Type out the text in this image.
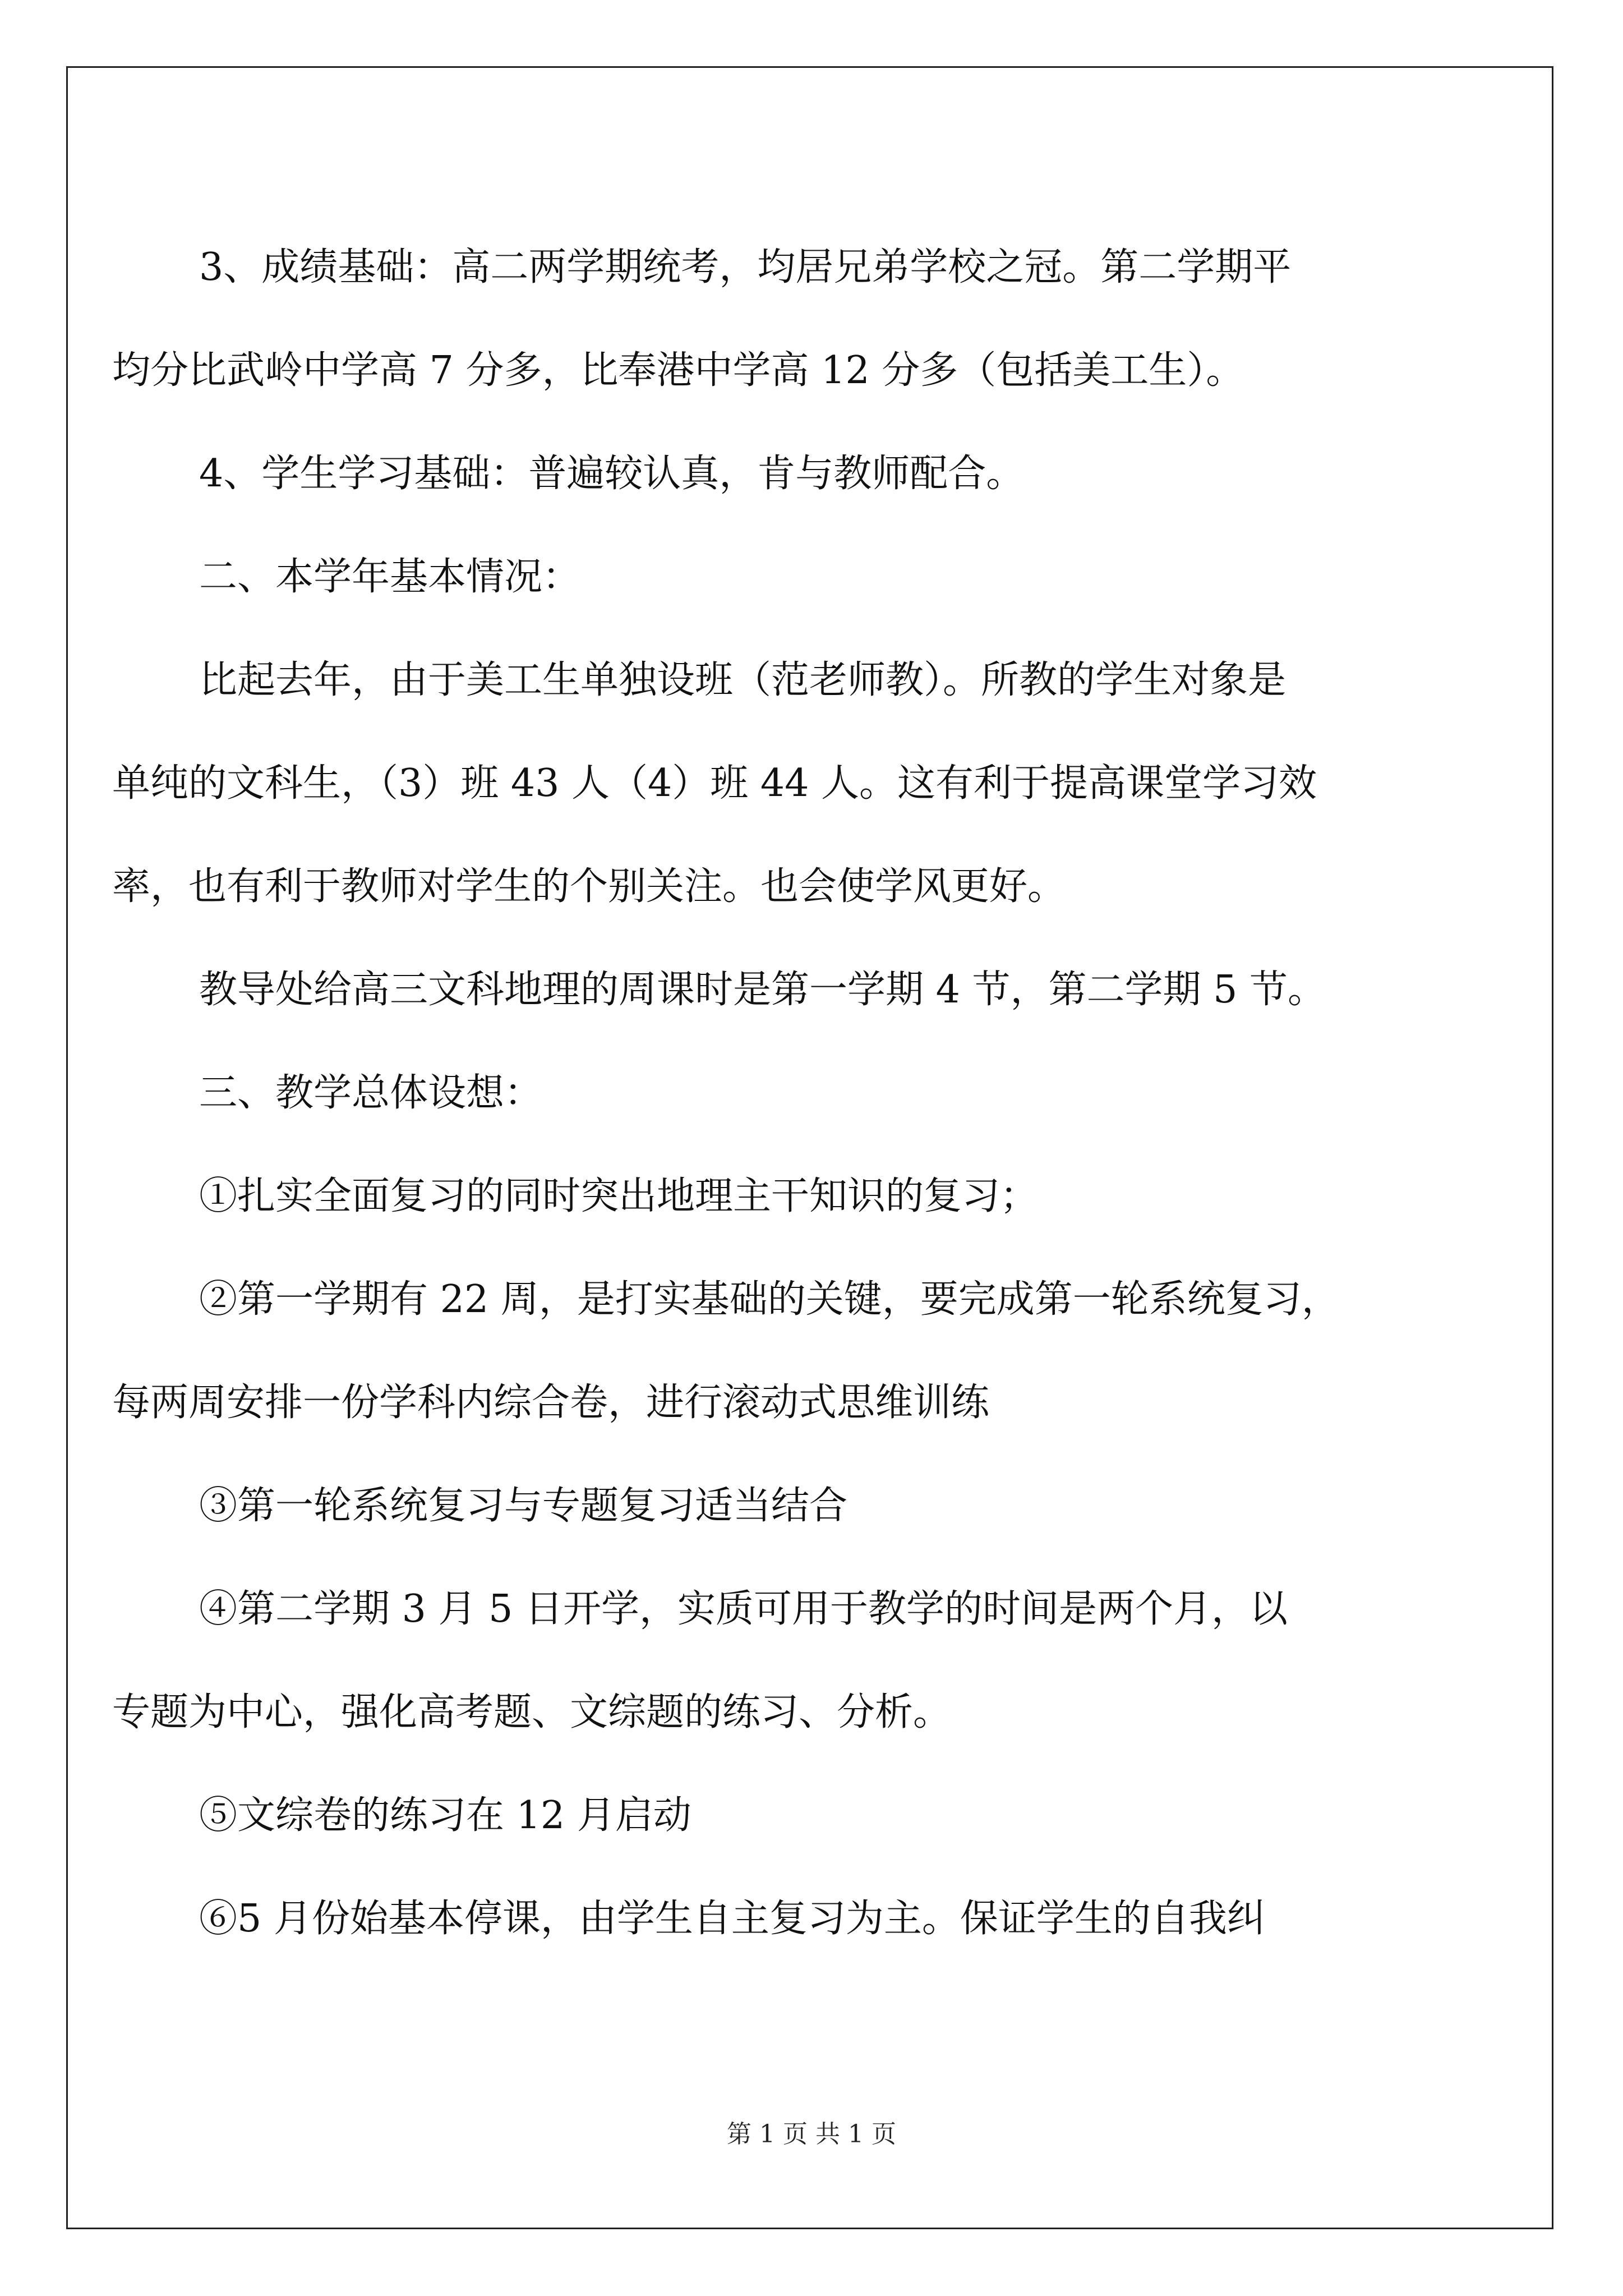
3、成绩基础：高二两学期统考，均居兄弟学校之冠。第二学期平
均分比武岭中学高 7 分多，比奉港中学高 12 分多（包括美工生）。

4、学生学习基础：普遍较认真，肯与教师配合。

二、本学年基本情况：

比起去年，由于美工生单独设班（范老师教）。所教的学生对象是
单纯的文科生，（3）班 43 人（4）班 44 人。这有利于提高课堂学习效
率，也有利于教师对学生的个别关注。也会使学风更好。

教导处给高三文科地理的周课时是第一学期 4 节，第二学期 5 节。

三、教学总体设想：

①扎实全面复习的同时突出地理主干知识的复习；

②第一学期有 22 周，是打实基础的关键，要完成第一轮系统复习，
每两周安排一份学科内综合卷，进行滚动式思维训练

③第一轮系统复习与专题复习适当结合

④第二学期 3 月 5 日开学，实质可用于教学的时间是两个月，以
专题为中心，强化高考题、文综题的练习、分析。

⑤文综卷的练习在 12 月启动

⑥5 月份始基本停课，由学生自主复习为主。保证学生的自我纠

第 1 页 共 1 页
